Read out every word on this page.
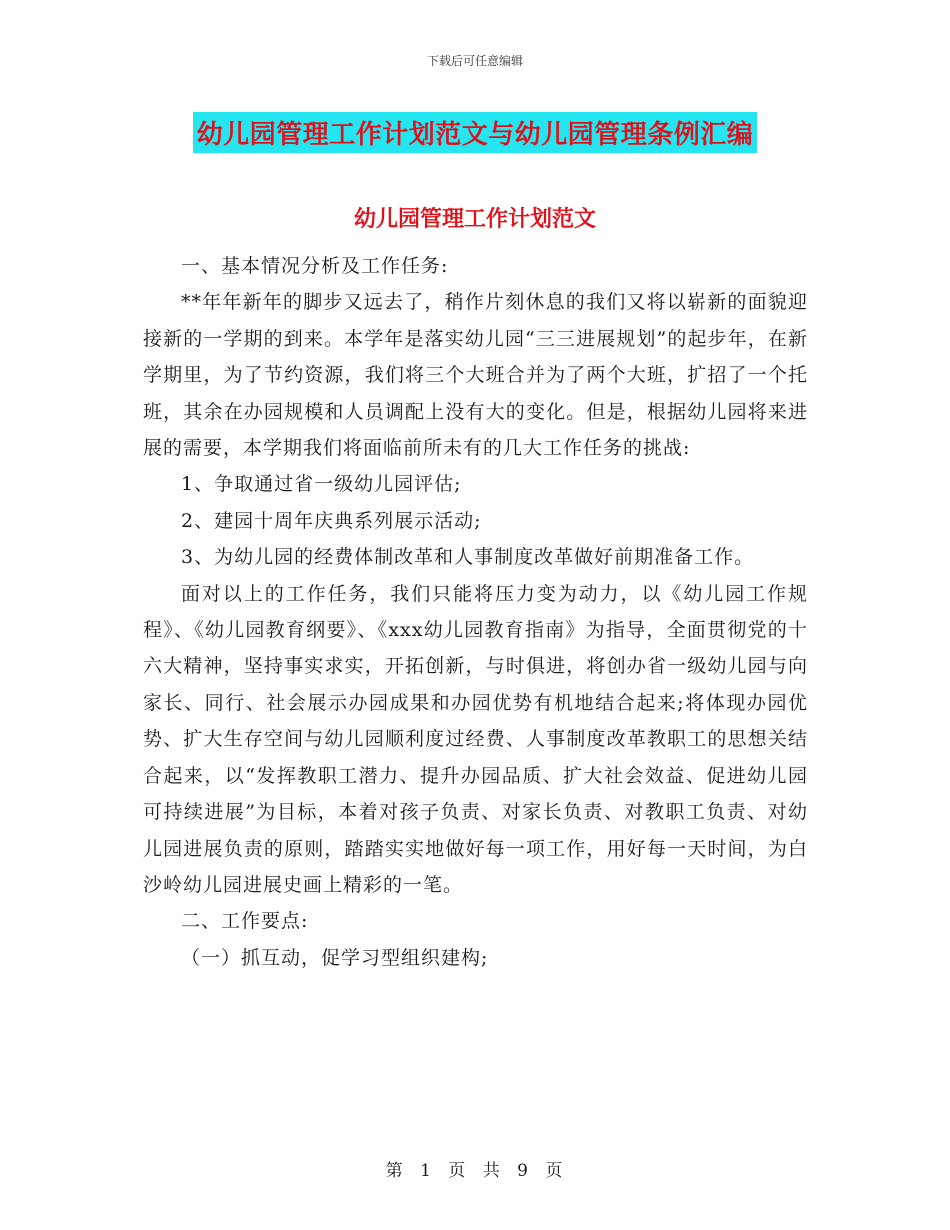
下载后可任意编辑
幼儿园管理工作计划范文与幼儿园管理条例汇编
幼儿园管理工作计划范文

一、基本情况分析及工作任务:

**年年新年的脚步又远去了，稍作片刻休息的我们又将以崭新的面貌迎接新的一学期的到来。本学年是落实幼儿园“三三进展规划”的起步年，在新学期里，为了节约资源，我们将三个大班合并为了两个大班，扩招了一个托班，其余在办园规模和人员调配上没有大的变化。但是，根据幼儿园将来进展的需要，本学期我们将面临前所未有的几大工作任务的挑战:

1、争取通过省一级幼儿园评估;

2、建园十周年庆典系列展示活动;

3、为幼儿园的经费体制改革和人事制度改革做好前期准备工作。

面对以上的工作任务，我们只能将压力变为动力，以《幼儿园工作规程》、《幼儿园教育纲要》、《xxx幼儿园教育指南》为指导，全面贯彻党的十六大精神，坚持事实求实，开拓创新，与时俱进，将创办省一级幼儿园与向家长、同行、社会展示办园成果和办园优势有机地结合起来;将体现办园优势、扩大生存空间与幼儿园顺利度过经费、人事制度改革教职工的思想关结合起来，以“发挥教职工潜力、提升办园品质、扩大社会效益、促进幼儿园可持续进展”为目标，本着对孩子负责、对家长负责、对教职工负责、对幼儿园进展负责的原则，踏踏实实地做好每一项工作，用好每一天时间，为白沙岭幼儿园进展史画上精彩的一笔。

二、工作要点:

（一）抓互动，促学习型组织建构;

第 1 页 共 9 页
